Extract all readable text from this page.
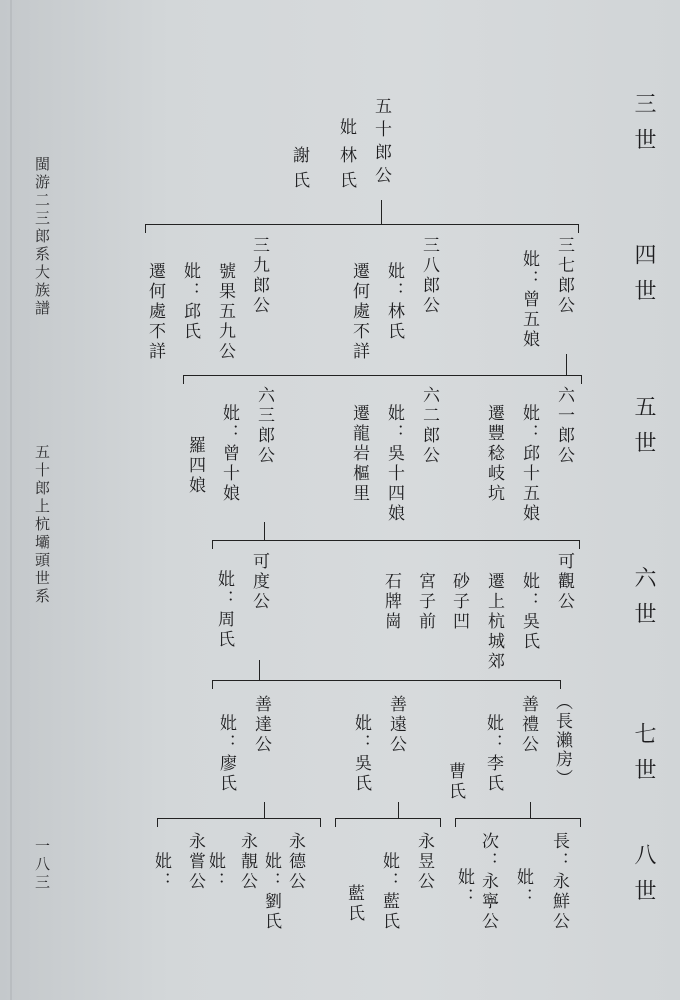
三世
四世
五世
六世
七世
八世
閩游二三郎系大族譜
五十郎上杭壩頭世系
一八三
五十郎公
妣
林氏
謝氏
三七郎公
妣：曾五娘
三八郎公
妣：林氏
遷何處不詳
三九郎公
號果五九公
妣：邱氏
遷何處不詳
六一郎公
妣：邱十五娘
遷豐稔岐坑
六二郎公
妣：吳十四娘
遷龍岩樞里
六三郎公
妣：曾十娘
羅四娘
可觀公
妣：吳氏
遷上杭城郊
砂子凹
宮子前
石牌崗
可度公
妣：周氏
（長瀨房）
善禮公
妣：李氏
曹氏
善遠公
妣：吳氏
善達公
妣：廖氏
長：永鮮公
妣：
次：永寧公
妣：
永昱公
妣：藍氏
藍氏
永德公
妣：劉氏
永靚公
妣：
永嘗公
妣：
